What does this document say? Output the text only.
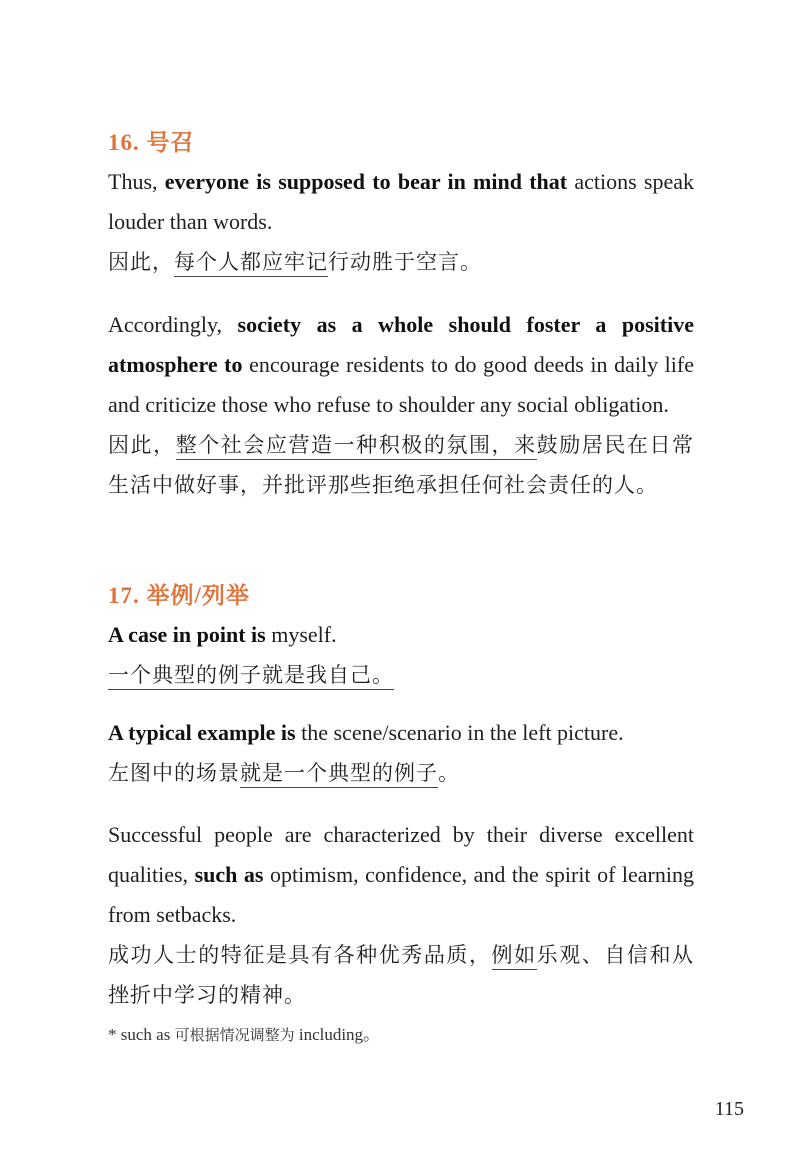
16. 号召

Thus, everyone is supposed to bear in mind that actions speak louder than words.

因此，每个人都应牢记行动胜于空言。

Accordingly, society as a whole should foster a positive atmosphere to encourage residents to do good deeds in daily life and criticize those who refuse to shoulder any social obligation.

因此，整个社会应营造一种积极的氛围，来鼓励居民在日常生活中做好事，并批评那些拒绝承担任何社会责任的人。

17. 举例/列举

A case in point is myself.

一个典型的例子就是我自己。

A typical example is the scene/scenario in the left picture.

左图中的场景就是一个典型的例子。

Successful people are characterized by their diverse excellent qualities, such as optimism, confidence, and the spirit of learning from setbacks.

成功人士的特征是具有各种优秀品质，例如乐观、自信和从挫折中学习的精神。

* such as 可根据情况调整为 including。
115
